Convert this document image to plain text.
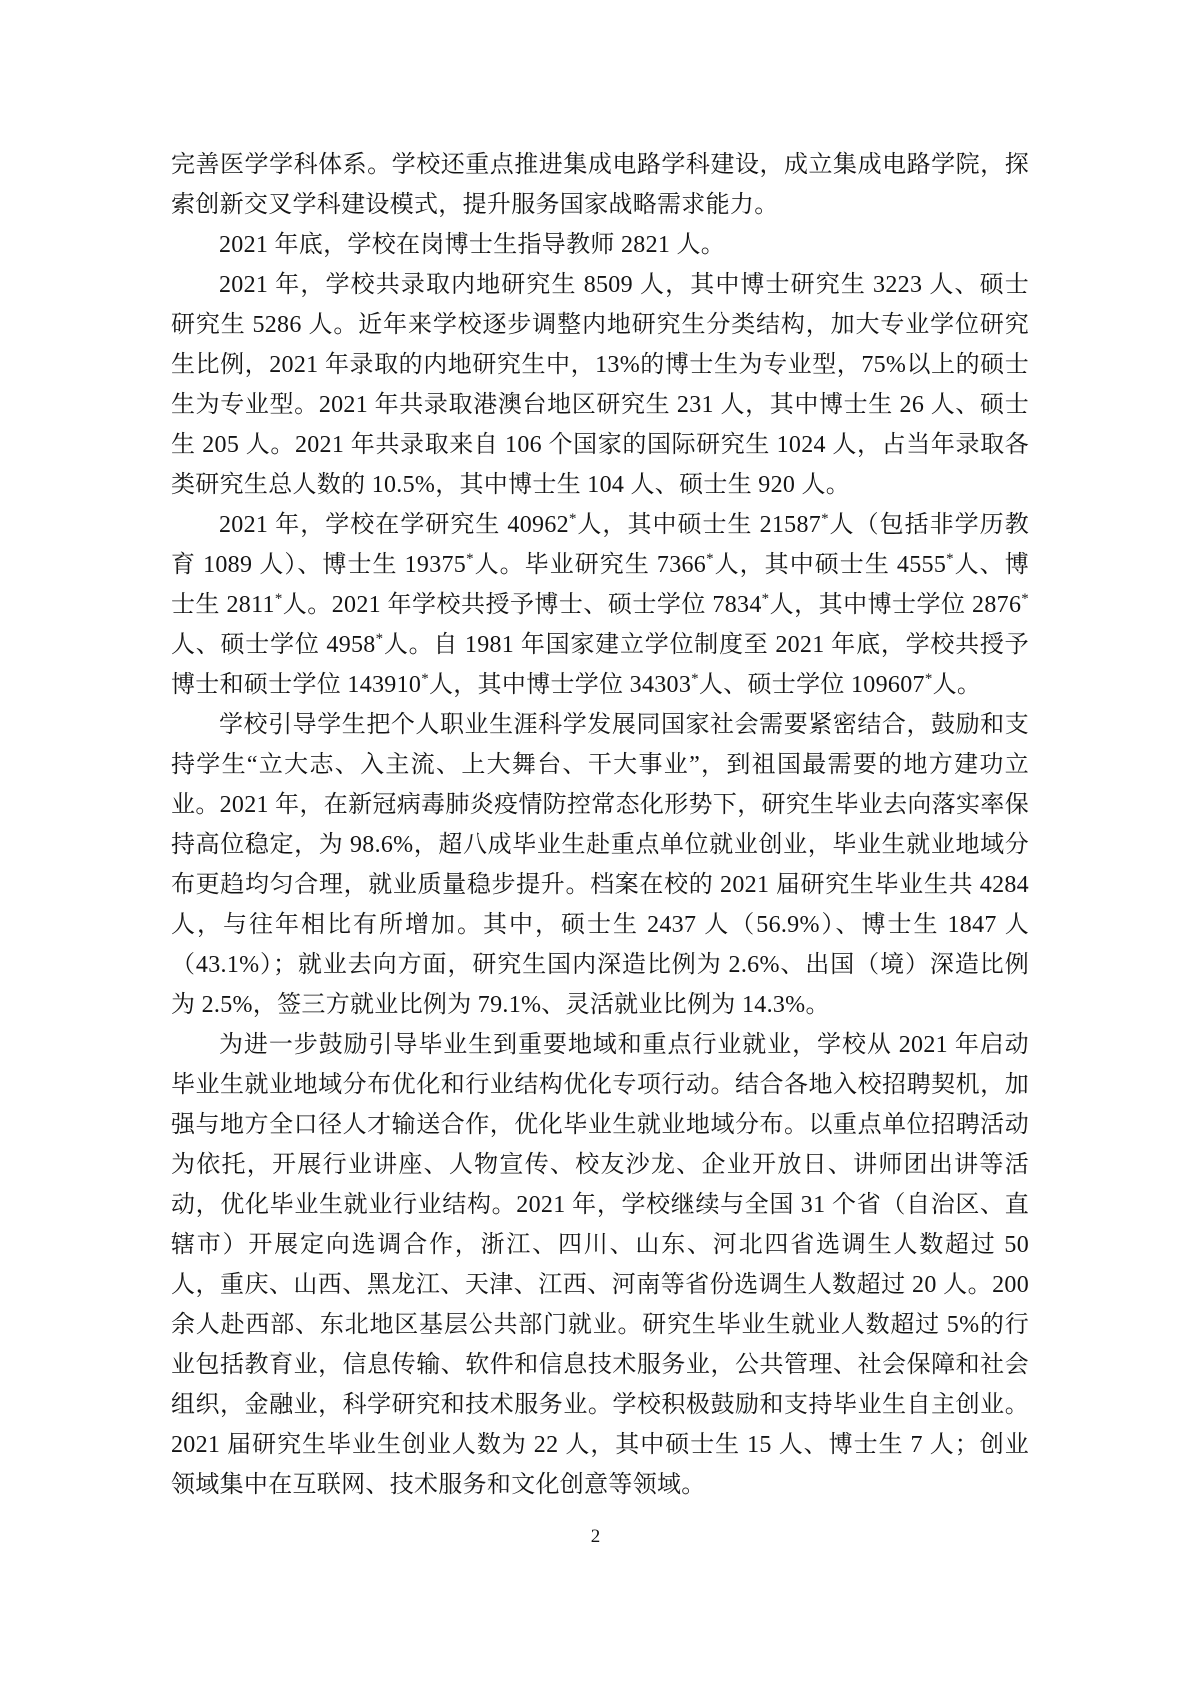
完善医学学科体系。学校还重点推进集成电路学科建设，成立集成电路学院，探索创新交叉学科建设模式，提升服务国家战略需求能力。

2021 年底，学校在岗博士生指导教师 2821 人。

2021 年，学校共录取内地研究生 8509 人，其中博士研究生 3223 人、硕士研究生 5286 人。近年来学校逐步调整内地研究生分类结构，加大专业学位研究生比例，2021 年录取的内地研究生中，13%的博士生为专业型，75%以上的硕士生为专业型。2021 年共录取港澳台地区研究生 231 人，其中博士生 26 人、硕士生 205 人。2021 年共录取来自 106 个国家的国际研究生 1024 人，占当年录取各类研究生总人数的 10.5%，其中博士生 104 人、硕士生 920 人。

2021 年，学校在学研究生 40962*人，其中硕士生 21587*人（包括非学历教育 1089 人）、博士生 19375*人。毕业研究生 7366*人，其中硕士生 4555*人、博士生 2811*人。2021 年学校共授予博士、硕士学位 7834*人，其中博士学位 2876*人、硕士学位 4958*人。自 1981 年国家建立学位制度至 2021 年底，学校共授予博士和硕士学位 143910*人，其中博士学位 34303*人、硕士学位 109607*人。

学校引导学生把个人职业生涯科学发展同国家社会需要紧密结合，鼓励和支持学生“立大志、入主流、上大舞台、干大事业”，到祖国最需要的地方建功立业。2021 年，在新冠病毒肺炎疫情防控常态化形势下，研究生毕业去向落实率保持高位稳定，为 98.6%，超八成毕业生赴重点单位就业创业，毕业生就业地域分布更趋均匀合理，就业质量稳步提升。档案在校的 2021 届研究生毕业生共 4284 人，与往年相比有所增加。其中，硕士生 2437 人（56.9%）、博士生 1847 人（43.1%）；就业去向方面，研究生国内深造比例为 2.6%、出国（境）深造比例为 2.5%，签三方就业比例为 79.1%、灵活就业比例为 14.3%。

为进一步鼓励引导毕业生到重要地域和重点行业就业，学校从 2021 年启动毕业生就业地域分布优化和行业结构优化专项行动。结合各地入校招聘契机，加强与地方全口径人才输送合作，优化毕业生就业地域分布。以重点单位招聘活动为依托，开展行业讲座、人物宣传、校友沙龙、企业开放日、讲师团出讲等活动，优化毕业生就业行业结构。2021 年，学校继续与全国 31 个省（自治区、直辖市）开展定向选调合作，浙江、四川、山东、河北四省选调生人数超过 50 人，重庆、山西、黑龙江、天津、江西、河南等省份选调生人数超过 20 人。200 余人赴西部、东北地区基层公共部门就业。研究生毕业生就业人数超过 5%的行业包括教育业，信息传输、软件和信息技术服务业，公共管理、社会保障和社会组织，金融业，科学研究和技术服务业。学校积极鼓励和支持毕业生自主创业。2021 届研究生毕业生创业人数为 22 人，其中硕士生 15 人、博士生 7 人；创业领域集中在互联网、技术服务和文化创意等领域。

2
